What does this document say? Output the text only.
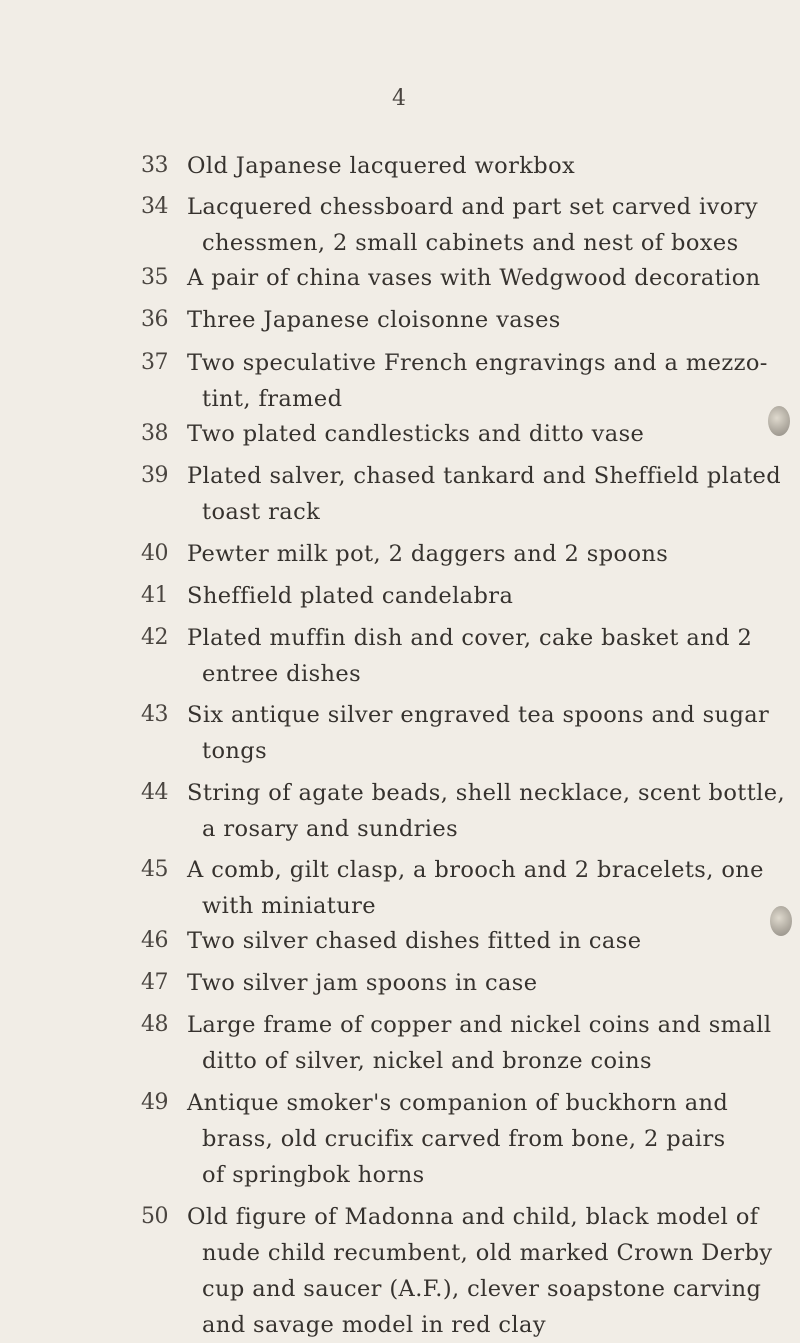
4
33 Old Japanese lacquered workbox
34 Lacquered chessboard and part set carved ivory
chessmen, 2 small cabinets and nest of boxes
35 A pair of china vases with Wedgwood decoration
36 Three Japanese cloisonne vases
37 Two speculative French engravings and a mezzo-
tint, framed
38 Two plated candlesticks and ditto vase
39 Plated salver, chased tankard and Sheffield plated
toast rack
40 Pewter milk pot, 2 daggers and 2 spoons
41 Sheffield plated candelabra
42 Plated muffin dish and cover, cake basket and 2
entree dishes
43 Six antique silver engraved tea spoons and sugar
tongs
44 String of agate beads, shell necklace, scent bottle,
a rosary and sundries
45 A comb, gilt clasp, a brooch and 2 bracelets, one
with miniature
46 Two silver chased dishes fitted in case
47 Two silver jam spoons in case
48 Large frame of copper and nickel coins and small
ditto of silver, nickel and bronze coins
49 Antique smoker's companion of buckhorn and
brass, old crucifix carved from bone, 2 pairs
of springbok horns
50 Old figure of Madonna and child, black model of
nude child recumbent, old marked Crown Derby
cup and saucer (A.F.), clever soapstone carving
and savage model in red clay
